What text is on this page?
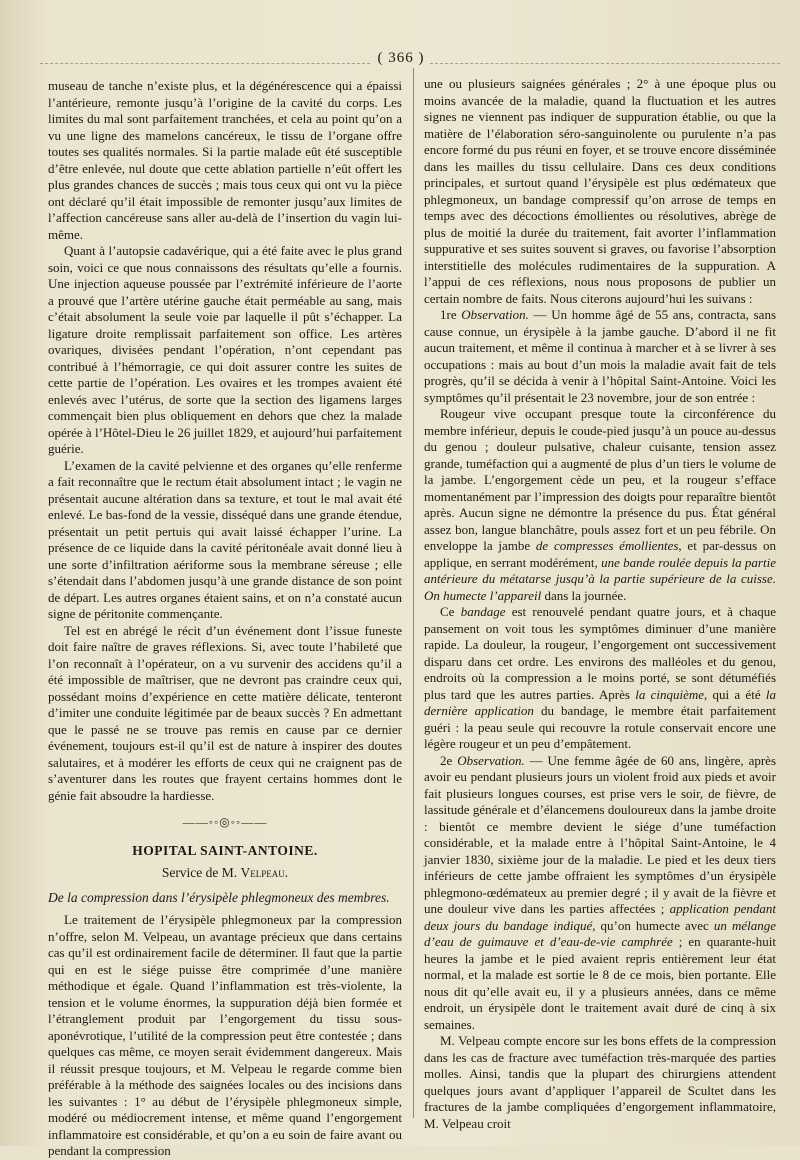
( 366 )

museau de tanche n’existe plus, et la dégénérescence qui a épaissi l’antérieure, remonte jusqu’à l’origine de la cavité du corps. Les limites du mal sont parfaitement tranchées, et cela au point qu’on a vu une ligne des mamelons cancéreux, le tissu de l’organe offre toutes ses qualités normales. Si la partie malade eût été susceptible d’être enlevée, nul doute que cette ablation partielle n’eût offert les plus grandes chances de succès ; mais tous ceux qui ont vu la pièce ont déclaré qu’il était impossible de remonter jusqu’aux limites de l’affection cancéreuse sans aller au-delà de l’insertion du vagin lui-même.

Quant à l’autopsie cadavérique, qui a été faite avec le plus grand soin, voici ce que nous connaissons des résultats qu’elle a fournis. Une injection aqueuse poussée par l’extrémité inférieure de l’aorte a prouvé que l’artère utérine gauche était perméable au sang, mais c’était absolument la seule voie par laquelle il pût s’échapper. La ligature droite remplissait parfaitement son office. Les artères ovariques, divisées pendant l’opération, n’ont cependant pas contribué à l’hémorragie, ce qui doit assurer contre les suites de cette partie de l’opération. Les ovaires et les trompes avaient été enlevés avec l’utérus, de sorte que la section des ligamens larges commençait bien plus obliquement en dehors que chez la malade opérée à l’Hôtel-Dieu le 26 juillet 1829, et aujourd’hui parfaitement guérie.

L’examen de la cavité pelvienne et des organes qu’elle renferme a fait reconnaître que le rectum était absolument intact ; le vagin ne présentait aucune altération dans sa texture, et tout le mal avait été enlevé. Le bas-fond de la vessie, disséqué dans une grande étendue, présentait un petit pertuis qui avait laissé échapper l’urine. La présence de ce liquide dans la cavité péritonéale avait donné lieu à une sorte d’infiltration aériforme sous la membrane séreuse ; elle s’étendait dans l’abdomen jusqu’à une grande distance de son point de départ. Les autres organes étaient sains, et on n’a constaté aucun signe de péritonite commençante.

Tel est en abrégé le récit d’un événement dont l’issue funeste doit faire naître de graves réflexions. Si, avec toute l’habileté que l’on reconnaît à l’opérateur, on a vu survenir des accidens qu’il a été impossible de maîtriser, que ne devront pas craindre ceux qui, possédant moins d’expérience en cette matière délicate, tenteront d’imiter une conduite légitimée par de beaux succès ? En admettant que le passé ne se trouve pas remis en cause par ce dernier événement, toujours est-il qu’il est de nature à inspirer des doutes salutaires, et à modérer les efforts de ceux qui ne craignent pas de s’aventurer dans les routes que frayent certains hommes dont le génie fait absoudre la hardiesse.

——◦◦◎◦◦——
HOPITAL SAINT-ANTOINE.
Service de M. Velpeau.
De la compression dans l’érysipèle phlegmoneux des membres.

Le traitement de l’érysipèle phlegmoneux par la compression n’offre, selon M. Velpeau, un avantage précieux que dans certains cas qu’il est ordinairement facile de déterminer. Il faut que la partie qui en est le siége puisse être comprimée d’une manière méthodique et égale. Quand l’inflammation est très-violente, la tension et le volume énormes, la suppuration déjà bien formée et l’étranglement produit par l’engorgement du tissu sous-aponévrotique, l’utilité de la compression peut être contestée ; dans quelques cas même, ce moyen serait évidemment dangereux. Mais il réussit presque toujours, et M. Velpeau le regarde comme bien préférable à la méthode des saignées locales ou des incisions dans les suivantes : 1° au début de l’érysipèle phlegmoneux simple, modéré ou médiocrement intense, et même quand l’engorgement inflammatoire est considérable, et qu’on a eu soin de faire avant ou pendant la compression

une ou plusieurs saignées générales ; 2° à une époque plus ou moins avancée de la maladie, quand la fluctuation et les autres signes ne viennent pas indiquer de suppuration établie, ou que la matière de l’élaboration séro-sanguinolente ou purulente n’a pas encore formé du pus réuni en foyer, et se trouve encore disséminée dans les mailles du tissu cellulaire. Dans ces deux conditions principales, et surtout quand l’érysipèle est plus œdémateux que phlegmoneux, un bandage compressif qu’on arrose de temps en temps avec des décoctions émollientes ou résolutives, abrège de plus de moitié la durée du traitement, fait avorter l’inflammation suppurative et ses suites souvent si graves, ou favorise l’absorption interstitielle des molécules rudimentaires de la suppuration. A l’appui de ces réflexions, nous nous proposons de publier un certain nombre de faits. Nous citerons aujourd’hui les suivans :

1re Observation. — Un homme âgé de 55 ans, contracta, sans cause connue, un érysipèle à la jambe gauche. D’abord il ne fit aucun traitement, et même il continua à marcher et à se livrer à ses occupations : mais au bout d’un mois la maladie avait fait de tels progrès, qu’il se décida à venir à l’hôpital Saint-Antoine. Voici les symptômes qu’il présentait le 23 novembre, jour de son entrée :

Rougeur vive occupant presque toute la circonférence du membre inférieur, depuis le coude-pied jusqu’à un pouce au-dessus du genou ; douleur pulsative, chaleur cuisante, tension assez grande, tuméfaction qui a augmenté de plus d’un tiers le volume de la jambe. L’engorgement cède un peu, et la rougeur s’efface momentanément par l’impression des doigts pour reparaître bientôt après. Aucun signe ne démontre la présence du pus. État général assez bon, langue blanchâtre, pouls assez fort et un peu fébrile. On enveloppe la jambe de compresses émollientes, et par-dessus on applique, en serrant modérément, une bande roulée depuis la partie antérieure du métatarse jusqu’à la partie supérieure de la cuisse. On humecte l’appareil dans la journée.

Ce bandage est renouvelé pendant quatre jours, et à chaque pansement on voit tous les symptômes diminuer d’une manière rapide. La douleur, la rougeur, l’engorgement ont successivement disparu dans cet ordre. Les environs des malléoles et du genou, endroits où la compression a le moins porté, se sont détuméfiés plus tard que les autres parties. Après la cinquième, qui a été la dernière application du bandage, le membre était parfaitement guéri : la peau seule qui recouvre la rotule conservait encore une légère rougeur et un peu d’empâtement.

2e Observation. — Une femme âgée de 60 ans, lingère, après avoir eu pendant plusieurs jours un violent froid aux pieds et avoir fait plusieurs longues courses, est prise vers le soir, de fièvre, de lassitude générale et d’élancemens douloureux dans la jambe droite : bientôt ce membre devient le siége d’une tuméfaction considérable, et la malade entre à l’hôpital Saint-Antoine, le 4 janvier 1830, sixième jour de la maladie. Le pied et les deux tiers inférieurs de cette jambe offraient les symptômes d’un érysipèle phlegmono-œdémateux au premier degré ; il y avait de la fièvre et une douleur vive dans les parties affectées ; application pendant deux jours du bandage indiqué, qu’on humecte avec un mélange d’eau de guimauve et d’eau-de-vie camphrée ; en quarante-huit heures la jambe et le pied avaient repris entièrement leur état normal, et la malade est sortie le 8 de ce mois, bien portante. Elle nous dit qu’elle avait eu, il y a plusieurs années, dans ce même endroit, un érysipèle dont le traitement avait duré de cinq à six semaines.

M. Velpeau compte encore sur les bons effets de la compression dans les cas de fracture avec tuméfaction très-marquée des parties molles. Ainsi, tandis que la plupart des chirurgiens attendent quelques jours avant d’appliquer l’appareil de Scultet dans les fractures de la jambe compliquées d’engorgement inflammatoire, M. Velpeau croit
